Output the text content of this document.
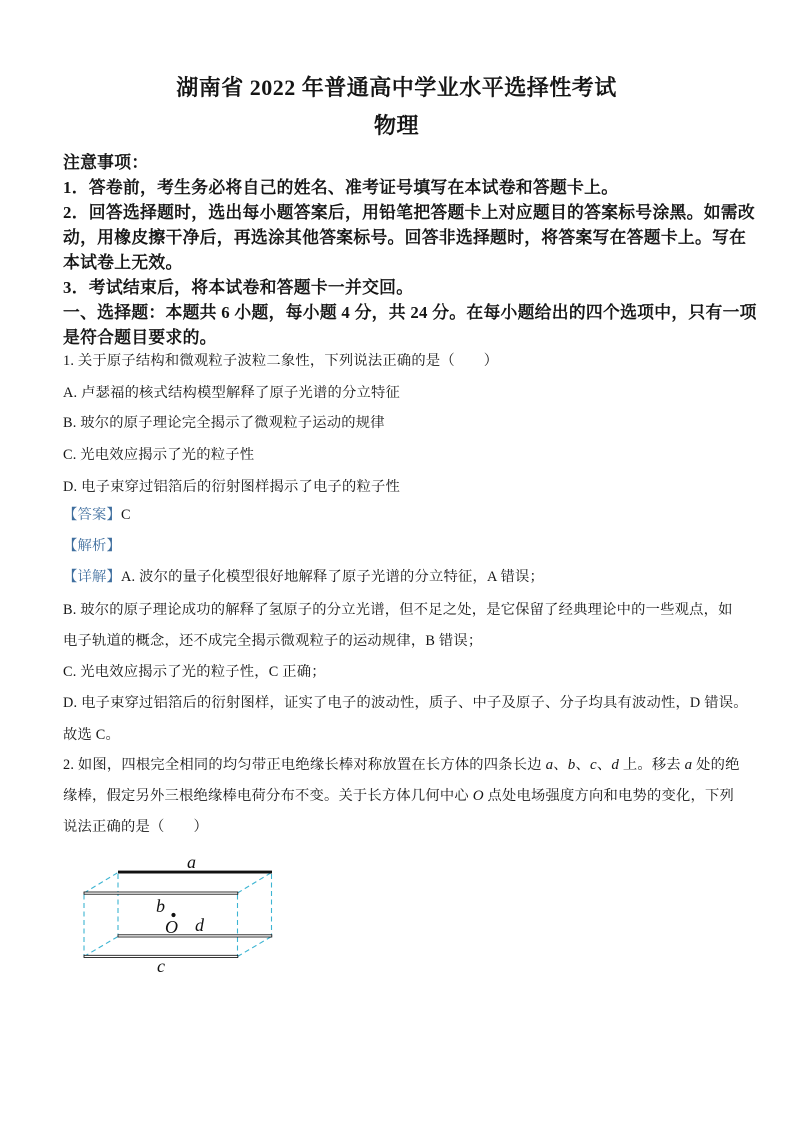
湖南省 2022 年普通高中学业水平选择性考试
物理
注意事项：
1．答卷前，考生务必将自己的姓名、准考证号填写在本试卷和答题卡上。
2．回答选择题时，选出每小题答案后，用铅笔把答题卡上对应题目的答案标号涂黑。如需改
动，用橡皮擦干净后，再选涂其他答案标号。回答非选择题时，将答案写在答题卡上。写在
本试卷上无效。
3．考试结束后，将本试卷和答题卡一并交回。
一、选择题：本题共 6 小题，每小题 4 分，共 24 分。在每小题给出的四个选项中，只有一项
是符合题目要求的。
1. 关于原子结构和微观粒子波粒二象性，下列说法正确的是（　　）
A. 卢瑟福的核式结构模型解释了原子光谱的分立特征
B. 玻尔的原子理论完全揭示了微观粒子运动的规律
C. 光电效应揭示了光的粒子性
D. 电子束穿过铝箔后的衍射图样揭示了电子的粒子性
【答案】C
【解析】
【详解】A. 波尔的量子化模型很好地解释了原子光谱的分立特征，A 错误；
B. 玻尔的原子理论成功的解释了氢原子的分立光谱，但不足之处，是它保留了经典理论中的一些观点，如
电子轨道的概念，还不成完全揭示微观粒子的运动规律，B 错误；
C. 光电效应揭示了光的粒子性，C 正确；
D. 电子束穿过铝箔后的衍射图样，证实了电子的波动性，质子、中子及原子、分子均具有波动性，D 错误。
故选 C。
2. 如图，四根完全相同的均匀带正电绝缘长棒对称放置在长方体的四条长边 a、b、c、d 上。移去 a 处的绝
缘棒，假定另外三根绝缘棒电荷分布不变。关于长方体几何中心 O 点处电场强度方向和电势的变化，下列
说法正确的是（　　）
a
b
O d
c
